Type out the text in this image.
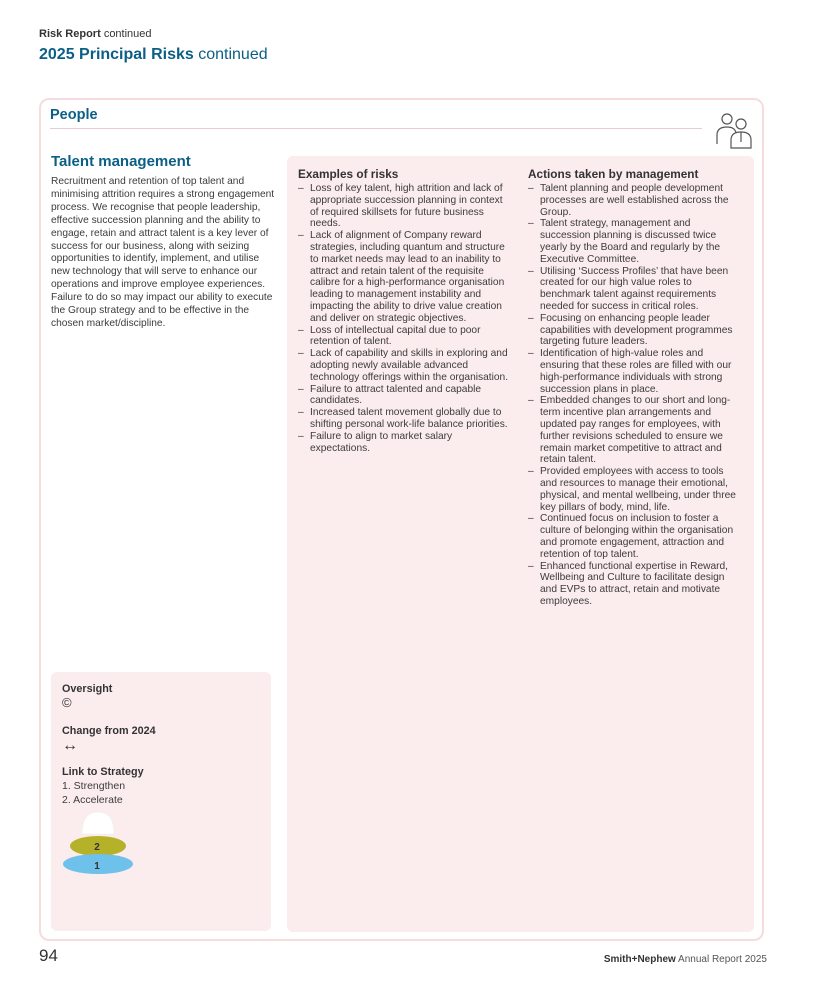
Risk Report continued
2025 Principal Risks continued
People
Talent management
Recruitment and retention of top talent and minimising attrition requires a strong engagement process. We recognise that people leadership, effective succession planning and the ability to engage, retain and attract talent is a key lever of success for our business, along with seizing opportunities to identify, implement, and utilise new technology that will serve to enhance our operations and improve employee experiences. Failure to do so may impact our ability to execute the Group strategy and to be effective in the chosen market/discipline.
Examples of risks
– Loss of key talent, high attrition and lack of appropriate succession planning in context of required skillsets for future business needs.
– Lack of alignment of Company reward strategies, including quantum and structure to market needs may lead to an inability to attract and retain talent of the requisite calibre for a high-performance organisation leading to management instability and impacting the ability to drive value creation and deliver on strategic objectives.
– Loss of intellectual capital due to poor retention of talent.
– Lack of capability and skills in exploring and adopting newly available advanced technology offerings within the organisation.
– Failure to attract talented and capable candidates.
– Increased talent movement globally due to shifting personal work-life balance priorities.
– Failure to align to market salary expectations.
Actions taken by management
– Talent planning and people development processes are well established across the Group.
– Talent strategy, management and succession planning is discussed twice yearly by the Board and regularly by the Executive Committee.
– Utilising ‘Success Profiles’ that have been created for our high value roles to benchmark talent against requirements needed for success in critical roles.
– Focusing on enhancing people leader capabilities with development programmes targeting future leaders.
– Identification of high-value roles and ensuring that these roles are filled with our high-performance individuals with strong succession plans in place.
– Embedded changes to our short and long-term incentive plan arrangements and updated pay ranges for employees, with further revisions scheduled to ensure we remain market competitive to attract and retain talent.
– Provided employees with access to tools and resources to manage their emotional, physical, and mental wellbeing, under three key pillars of body, mind, life.
– Continued focus on inclusion to foster a culture of belonging within the organisation and promote engagement, attraction and retention of top talent.
– Enhanced functional expertise in Reward, Wellbeing and Culture to facilitate design and EVPs to attract, retain and motivate employees.
Oversight
©
Change from 2024
↔
Link to Strategy
1. Strengthen
2. Accelerate
2
1
94	Smith+Nephew Annual Report 2025
